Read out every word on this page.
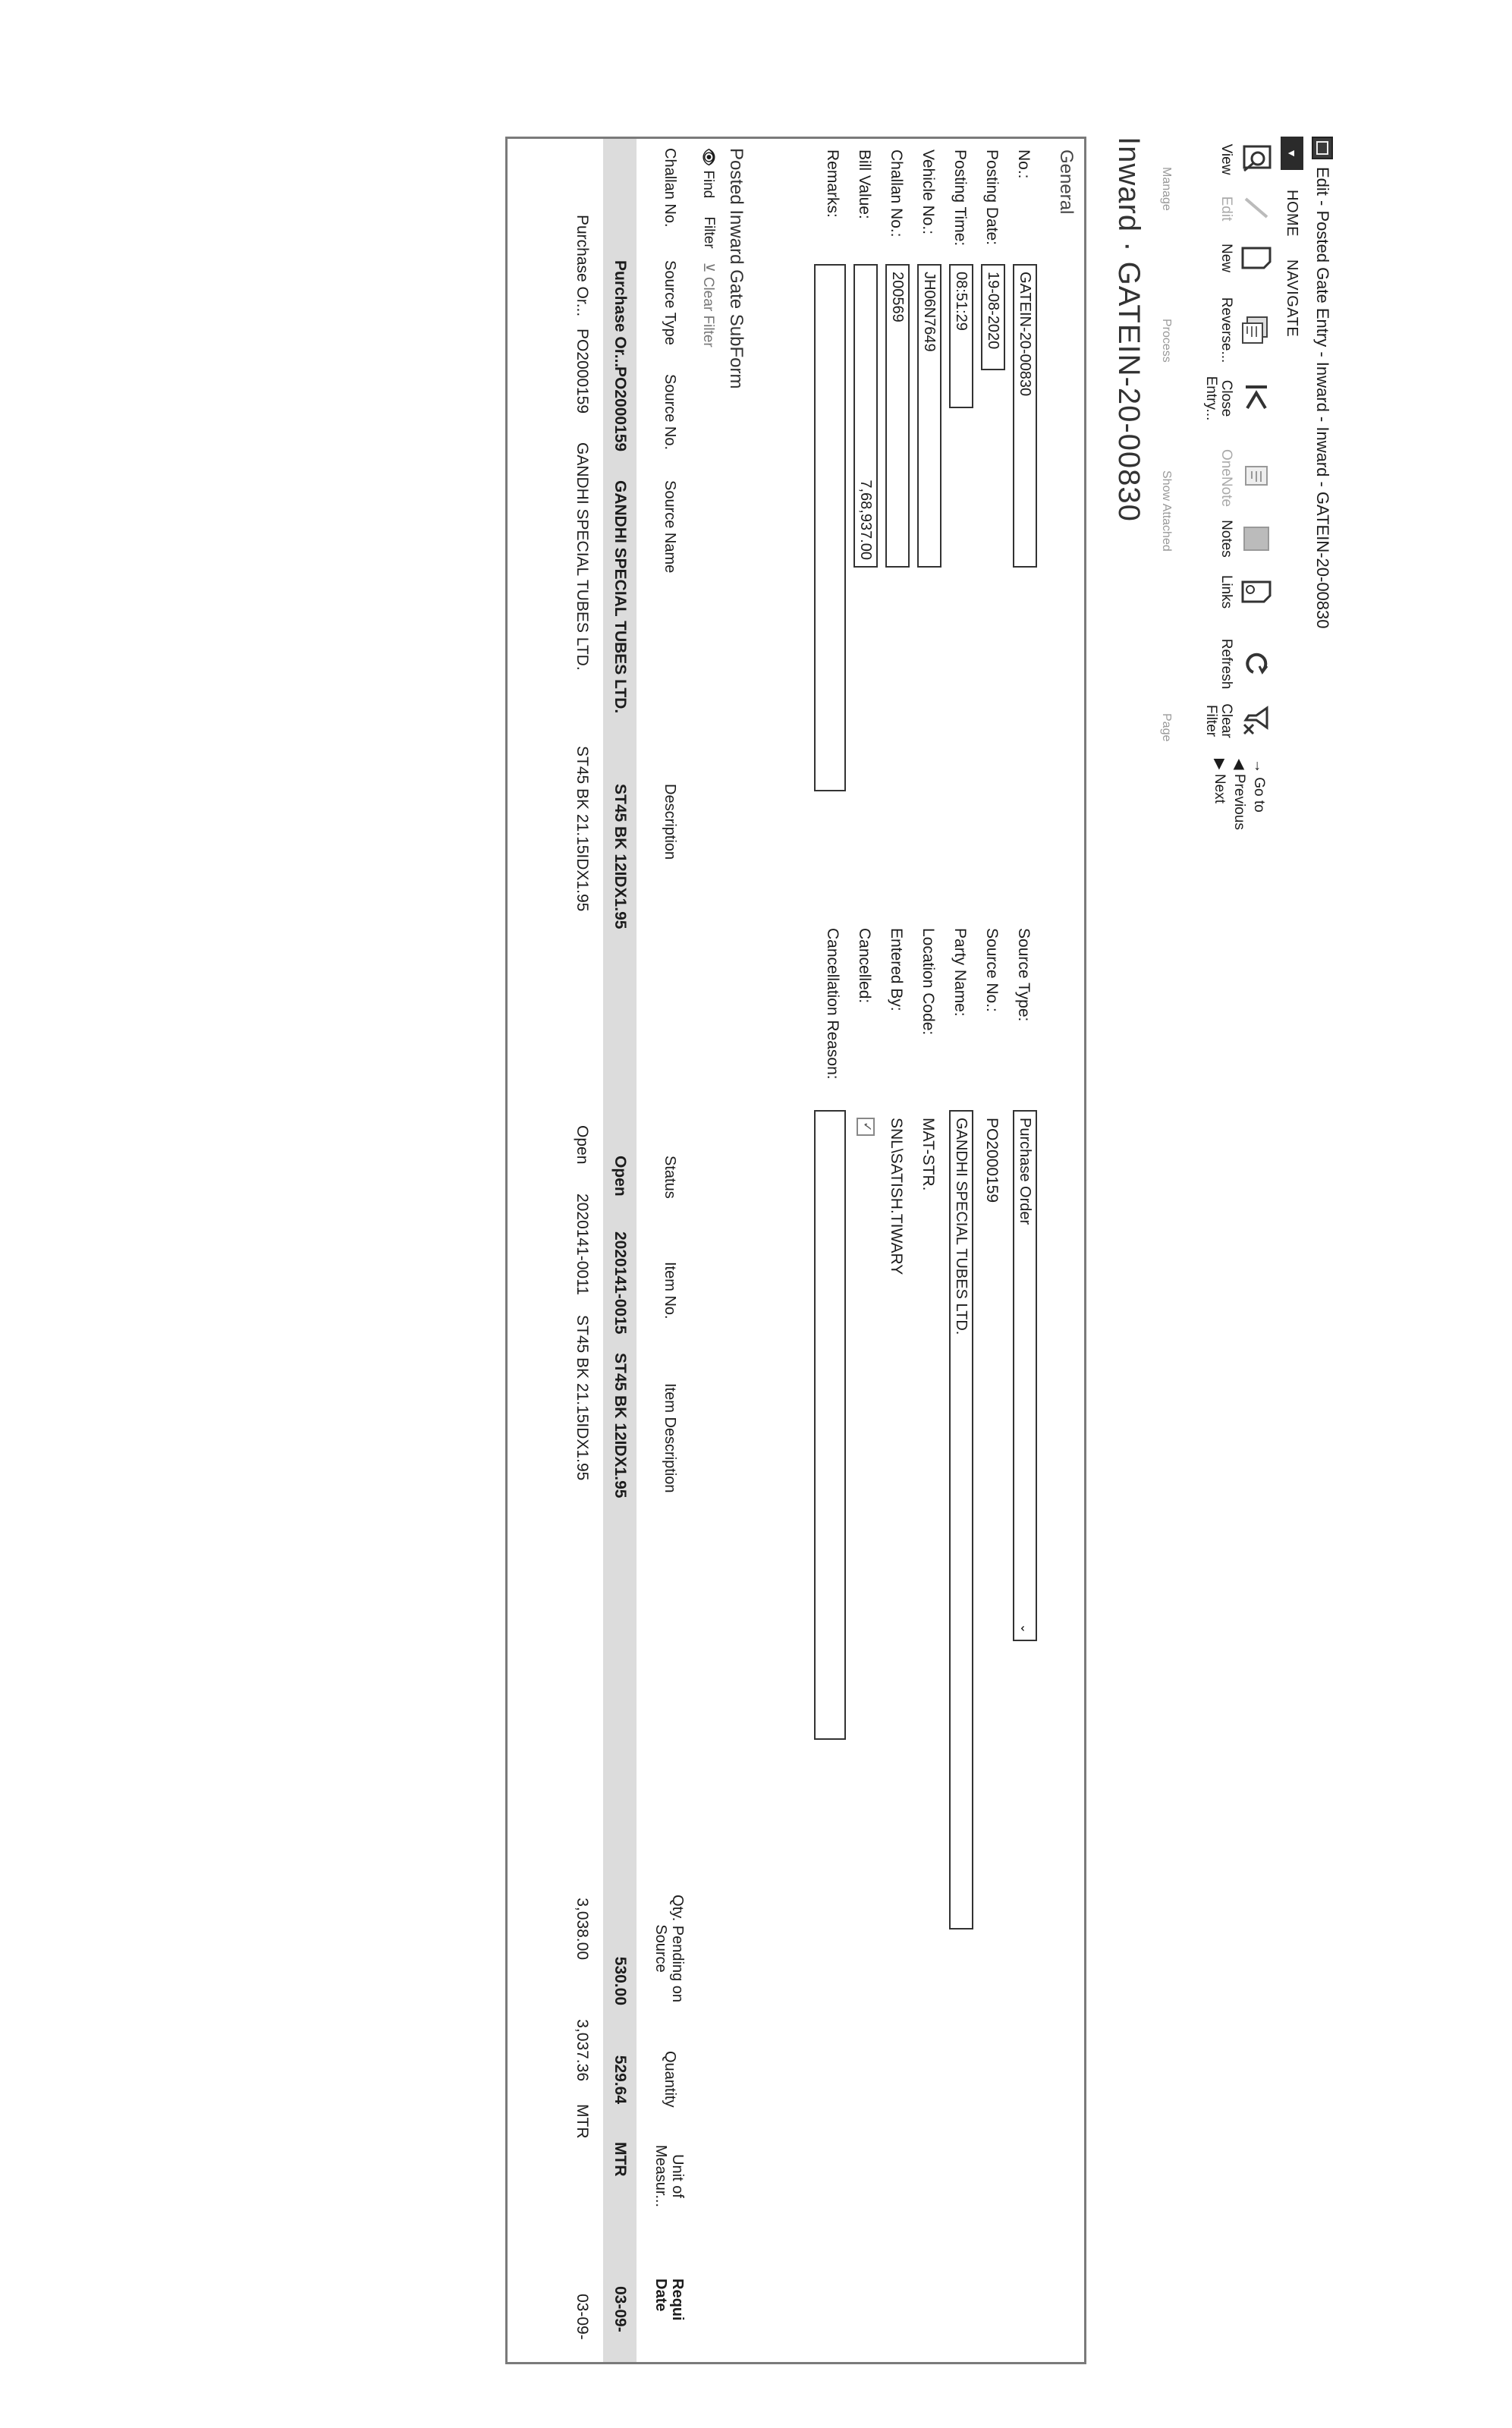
Edit - Posted Gate Entry - Inward - Inward - GATEIN-20-00830
▼
HOME
NAVIGATE
View
Edit
New
Reverse...
Close Entry...
Manage
Process
OneNote
Notes
Links
Show Attached
Refresh
Clear Filter
→ Go to
◀ Previous
▶ Next
Page
Inward · GATEIN-20-00830
General
No.:
GATEIN-20-00830
Posting Date:
19-08-2020
Posting Time:
08:51:29
Vehicle No.:
JH06N7649
Challan No.:
200569
Bill Value:
7,68,937.00
Remarks:
Source Type:
Purchase Order
⌄
Source No.:
PO2000159
Party Name:
GANDHI SPECIAL TUBES LTD.
Location Code:
MAT-STR.
Entered By:
SNL\SATISH.TIWARY
Cancelled:
✓
Cancellation Reason:
Posted Inward Gate SubForm
👁 Find
Filter
⊻ Clear Filter
Challan No.
Source Type
Source No.
Source Name
Description
Status
Item No.
Item Description
Qty. Pending on Source
Quantity
Unit of Measur...
Requi Date
Purchase Or...
PO2000159
GANDHI SPECIAL TUBES LTD.
ST45 BK 12IDX1.95
Open
2020141-0015
ST45 BK 12IDX1.95
530.00
529.64
MTR
03-09-
Purchase Or...
PO2000159
GANDHI SPECIAL TUBES LTD.
ST45 BK 21.15IDX1.95
Open
2020141-0011
ST45 BK 21.15IDX1.95
3,038.00
3,037.36
MTR
03-09-
